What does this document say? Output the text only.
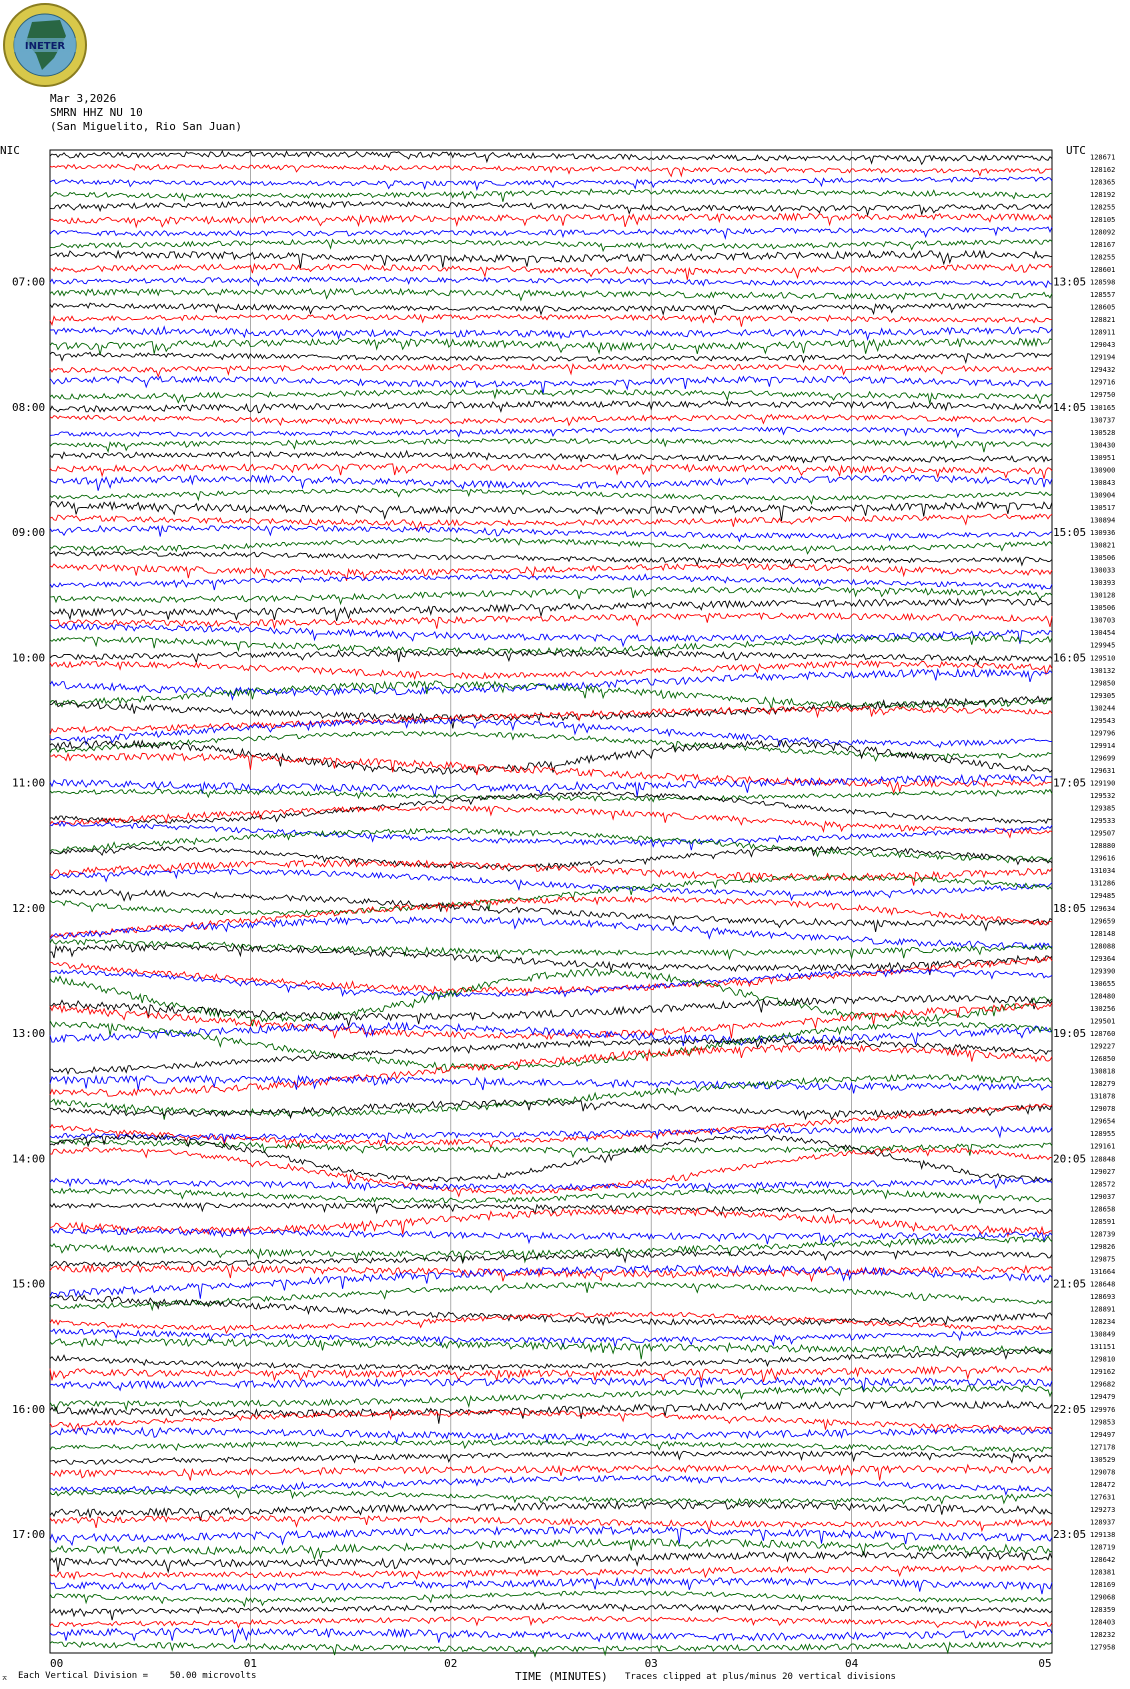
INETER
Mar 3,2026
SMRN HHZ NU 10
(San Miguelito, Rio San Juan)
NIC	UTC
07:00	13:05
08:00	14:05
09:00	15:05
10:00	16:05
11:00	17:05
12:00	18:05
13:00	19:05
14:00	20:05
15:00	21:05
16:00	22:05
17:00	23:05
128671
128162
128365
128192
128255
128105
128092
128167
128255
128601
128598
128557
128605
128821
128911
129043
129194
129432
129716
129750
130165
130737
130528
130430
130951
130900
130843
130904
130517
130894
130936
130821
130506
130033
130393
130128
130506
130703
130454
129945
129510
130132
129850
129305
130244
129543
129796
129914
129699
129631
129190
129532
129385
129533
129507
128880
129616
131034
131286
129485
129634
129659
128148
128088
129364
129390
130655
128480
130256
129501
128760
129227
126850
130818
128279
131878
129078
129654
128955
129161
128848
129027
128572
129037
128658
128591
128739
129826
129875
131664
128648
128693
128891
128234
130849
131151
129810
129162
129682
129479
129976
129853
129497
127178
130529
129078
128472
127631
129273
128937
129138
128719
128642
128381
128169
129068
128359
128403
128232
127958
00	01	02	03	04	05
⌅ Each Vertical Division =    50.00 microvolts	TIME (MINUTES) Traces clipped at plus/minus 20 vertical divisions
